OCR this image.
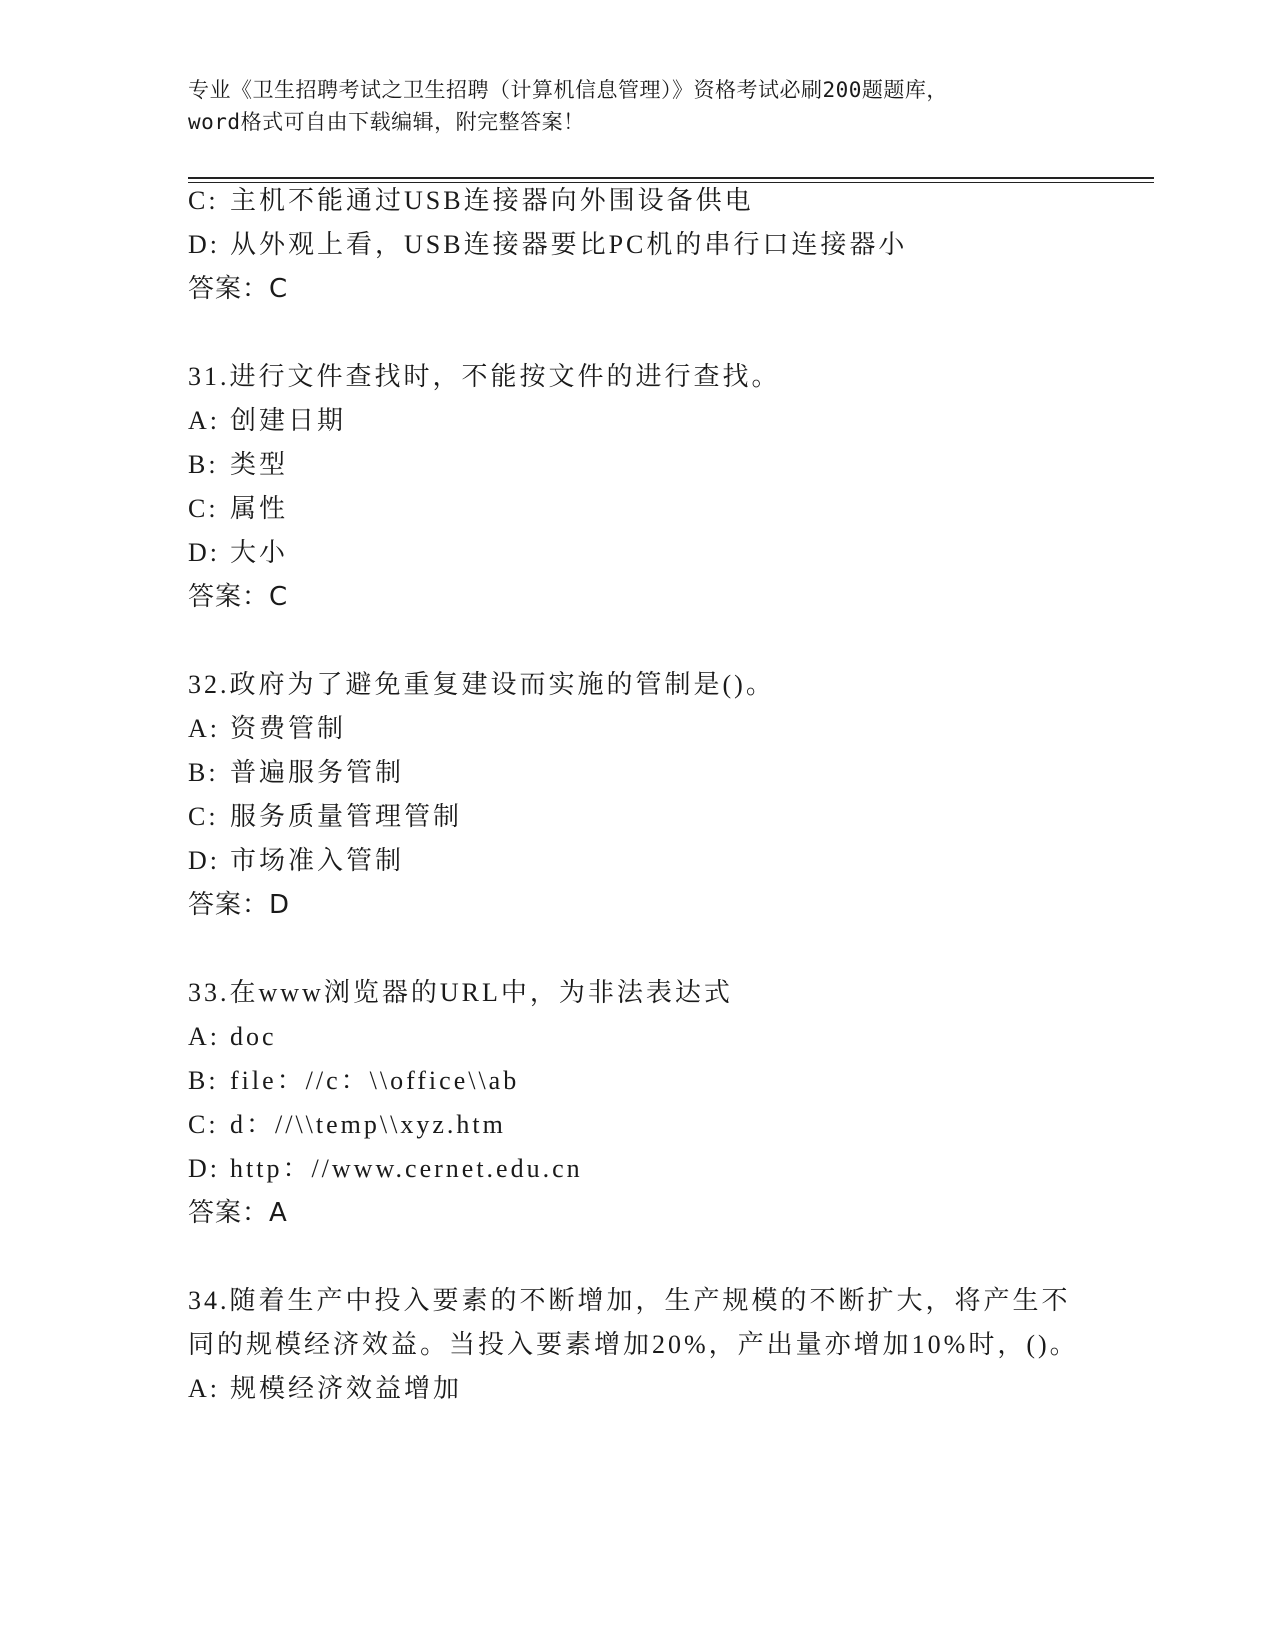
专业《卫生招聘考试之卫生招聘（计算机信息管理）》资格考试必刷200题题库，
word格式可自由下载编辑，附完整答案！
C: 主机不能通过USB连接器向外围设备供电
D: 从外观上看，USB连接器要比PC机的串行口连接器小
答案：C
31.进行文件查找时，不能按文件的进行查找。
A: 创建日期
B: 类型
C: 属性
D: 大小
答案：C
32.政府为了避免重复建设而实施的管制是()。
A: 资费管制
B: 普遍服务管制
C: 服务质量管理管制
D: 市场准入管制
答案：D
33.在www浏览器的URL中，为非法表达式
A: doc
B: file：//c：\\office\\ab
C: d：//\\temp\\xyz.htm
D: http：//www.cernet.edu.cn
答案：A
34.随着生产中投入要素的不断增加，生产规模的不断扩大，将产生不
同的规模经济效益。当投入要素增加20%，产出量亦增加10%时，()。
A: 规模经济效益增加
